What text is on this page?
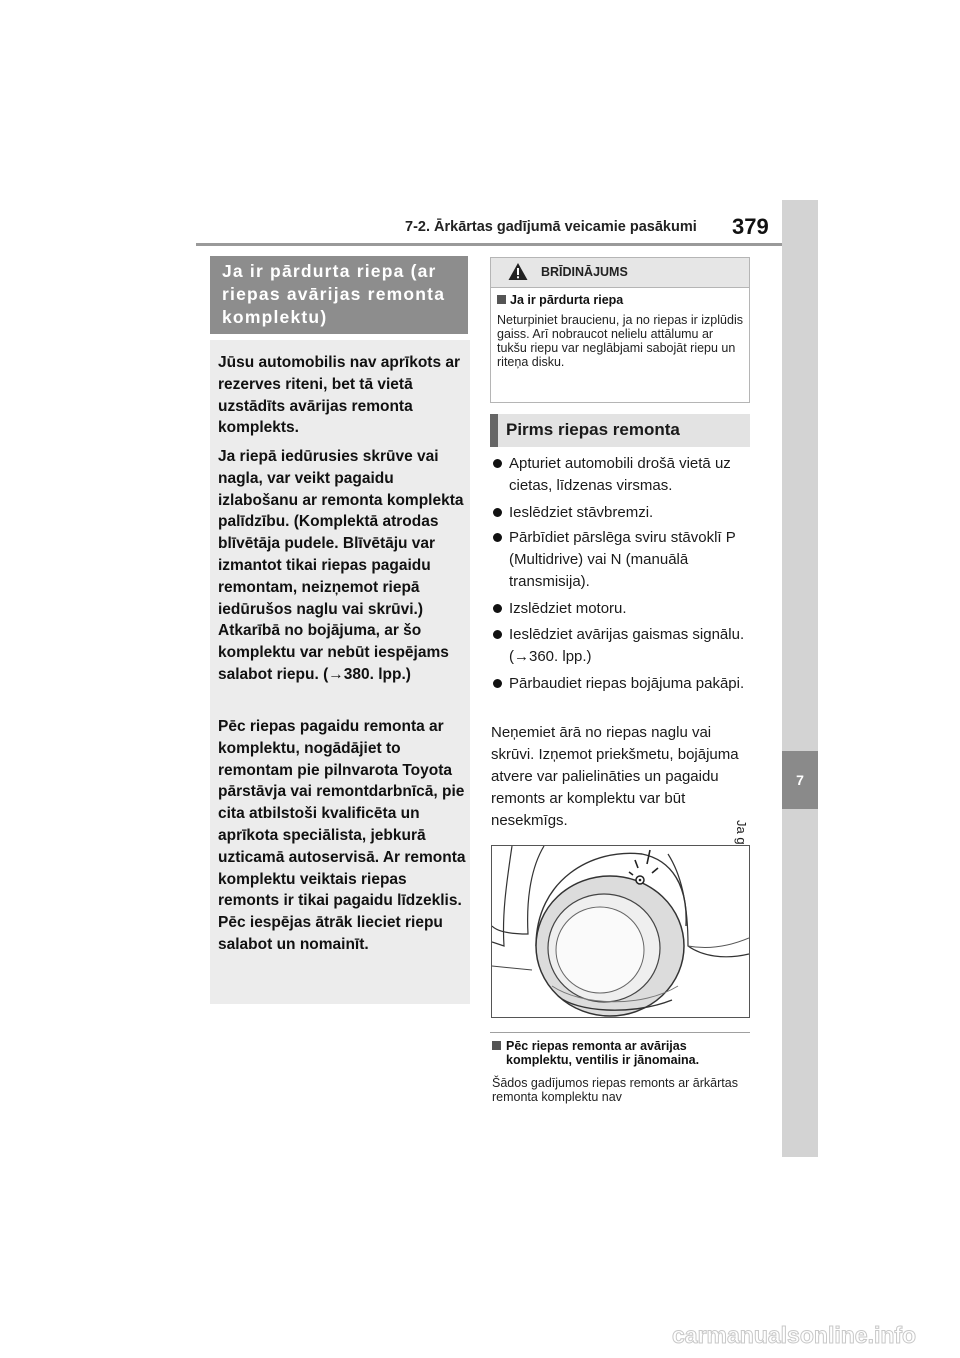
7-2. Ārkārtas gadījumā veicamie pasākumi 379
7
Ja ir pārdurta riepa (ar riepas avārijas remonta komplektu)
Jūsu automobilis nav aprīkots ar rezerves riteni, bet tā vietā uzstādīts avārijas remonta komplekts.
Ja riepā iedūrusies skrūve vai nagla, var veikt pagaidu izlabošanu ar remonta komplekta palīdzību. (Komplektā atrodas blīvētāja pudele. Blīvētāju var izmantot tikai riepas pagaidu remontam, neizņemot riepā iedūrušos naglu vai skrūvi.) Atkarībā no bojājuma, ar šo komplektu var nebūt iespējams salabot riepu. (→380. lpp.)
Pēc riepas pagaidu remonta ar komplektu, nogādājiet to remontam pie pilnvarota Toyota pārstāvja vai remontdarbnīcā, pie cita atbilstoši kvalificēta un aprīkota speciālista, jebkurā uzticamā autoservisā. Ar remonta komplektu veiktais riepas remonts ir tikai pagaidu līdzeklis. Pēc iespējas ātrāk lieciet riepu salabot un nomainīt.
BRĪDINĀJUMS
Ja ir pārdurta riepa
Neturpiniet braucienu, ja no riepas ir izplūdis gaiss. Arī nobraucot nelielu attālumu ar tukšu riepu var neglābjami sabojāt riepu un riteņa disku.
Pirms riepas remonta
Apturiet automobili drošā vietā uz cietas, līdzenas virsmas.
Ieslēdziet stāvbremzi.
Pārbīdiet pārslēga sviru stāvoklī P (Multidrive) vai N (manuālā transmisija).
Izslēdziet motoru.
Ieslēdziet avārijas gaismas signālu. (→360. lpp.)
Pārbaudiet riepas bojājuma pakāpi.
Neņemiet ārā no riepas naglu vai skrūvi. Izņemot priekšmetu, bojājuma atvere var palielināties un pagaidu remonts ar komplektu var būt nesekmīgs.
Pēc riepas remonta ar avārijas komplektu, ventilis ir jānomaina.
Šādos gadījumos riepas remonts ar ārkārtas remonta komplektu nav
carmanualsonline.info
